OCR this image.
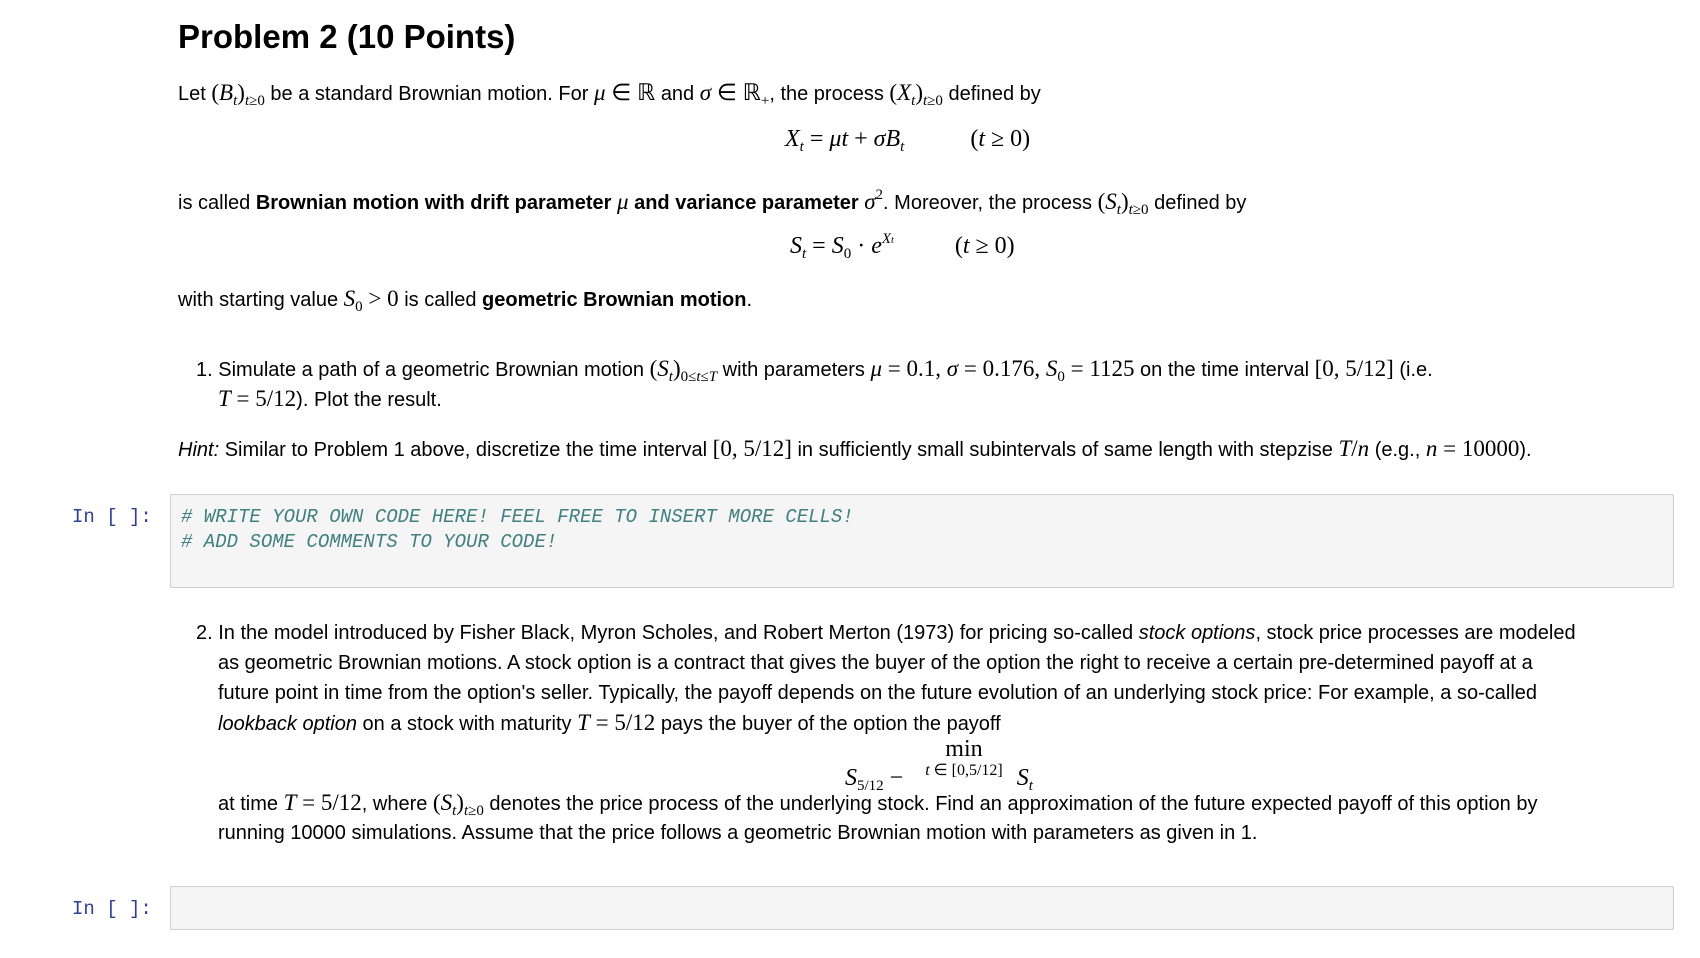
Problem 2 (10 Points)
Let $(B_t)_{t\ge 0}$ be a standard Brownian motion. For μ ∈ ℝ and σ ∈ ℝ$_+$, the process $(X_t)_{t\ge 0}$ defined by
$X_t = \mu t + \sigma B_t$	(t ≥ 0)
is called Brownian motion with drift parameter μ and variance parameter $\sigma^2$. Moreover, the process $(S_t)_{t\ge 0}$ defined by
$S_t = S_0 \cdot e^{Xt}$	(t ≥ 0)
with starting value $S_0 > 0$ is called geometric Brownian motion.
1. Simulate a path of a geometric Brownian motion $(S_t)_{0\le t\le T}$ with parameters μ = 0.1, σ = 0.176, $S_0 = 1125$ on the time interval [0, 5/12] (i.e.
T = 5/12). Plot the result.
Hint: Similar to Problem 1 above, discretize the time interval [0, 5/12] in sufficiently small subintervals of same length with stepzise T/n (e.g., n = 10000).
In [ ]: # WRITE YOUR OWN CODE HERE! FEEL FREE TO INSERT MORE CELLS!
# ADD SOME COMMENTS TO YOUR CODE!
2. In the model introduced by Fisher Black, Myron Scholes, and Robert Merton (1973) for pricing so-called stock options, stock price processes are modeled
as geometric Brownian motions. A stock option is a contract that gives the buyer of the option the right to receive a certain pre-determined payoff at a
future point in time from the option's seller. Typically, the payoff depends on the future evolution of an underlying stock price: For example, a so-called
lookback option on a stock with maturity T = 5/12 pays the buyer of the option the payoff
$S_{5/12} - \min$
$^{t \in [0,5/12]}$ $S_t$
at time T = 5/12, where $(S_t)_{t\ge 0}$ denotes the price process of the underlying stock. Find an approximation of the future expected payoff of this option by
running 10000 simulations. Assume that the price follows a geometric Brownian motion with parameters as given in 1.
In [ ]:
